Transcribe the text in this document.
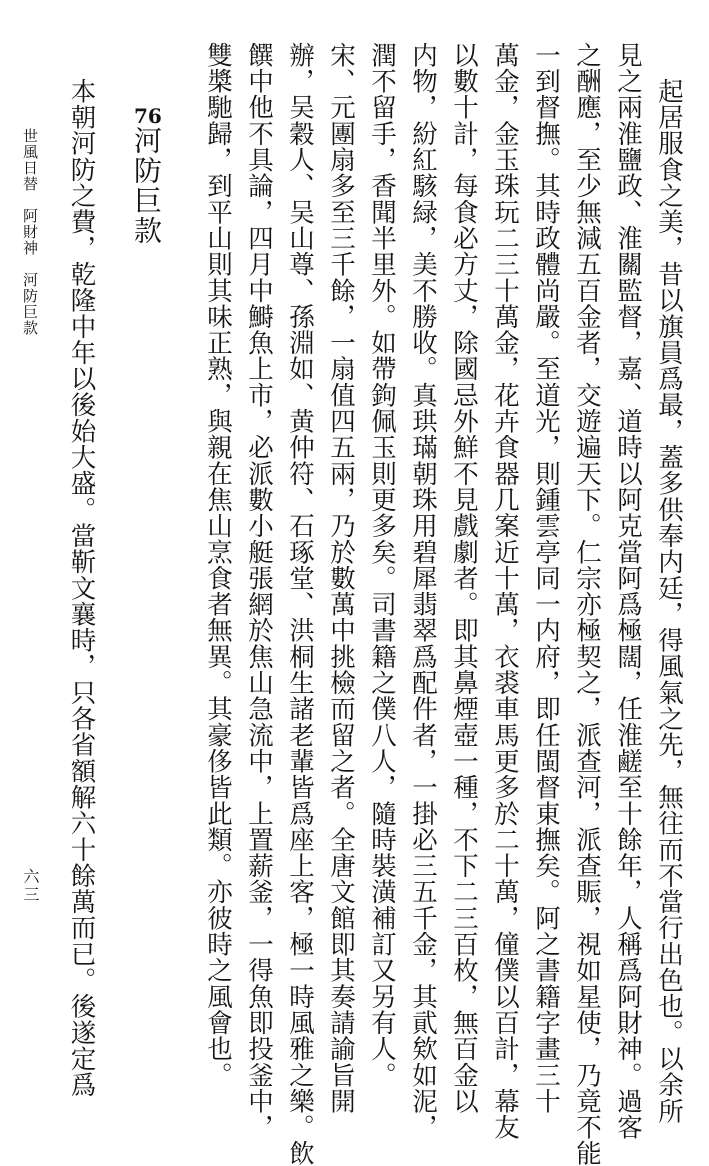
起居服食之美，昔以旗員爲最，蓋多供奉内廷，得風氣之先，無往而不當行出色也。以余所
見之兩淮鹽政、淮關監督，嘉、道時以阿克當阿爲極闊，任淮鹺至十餘年，人稱爲阿財神。過客
之酬應，至少無減五百金者，交遊遍天下。仁宗亦極契之，派查河，派查賑，視如星使，乃竟不能
一到督撫。其時政體尚嚴。至道光，則鍾雲亭同一内府，即任閩督東撫矣。阿之書籍字畫三十
萬金，金玉珠玩二三十萬金，花卉食器几案近十萬，衣裘車馬更多於二十萬，僮僕以百計，幕友
以數十計，每食必方丈，除國忌外鮮不見戲劇者。即其鼻煙壺一種，不下二三百枚，無百金以
内物，紛紅駭緑，美不勝收。真珙璊朝珠用碧犀翡翠爲配件者，一掛必三五千金，其貮欸如泥，
潤不留手，香聞半里外。如帶鉤佩玉則更多矣。司書籍之僕八人，隨時裝潢補訂又另有人。
宋、元團扇多至三千餘，一扇值四五兩，乃於數萬中挑檢而留之者。全唐文館即其奏請諭旨開
辦，吴穀人、吴山尊、孫淵如、黄仲符、石琢堂、洪桐生諸老輩皆爲座上客，極一時風雅之樂。飲
饌中他不具論，四月中鰣魚上市，必派數小艇張網於焦山急流中，上置薪釜，一得魚即投釜中，
雙槳馳歸，到平山則其味正熟，與親在焦山烹食者無異。其豪侈皆此類。亦彼時之風會也。
76
河防巨款
本朝河防之費，乾隆中年以後始大盛。當靳文襄時，只各省額解六十餘萬而已。後遂定爲
世風日替　阿財神　河防巨款
六三
